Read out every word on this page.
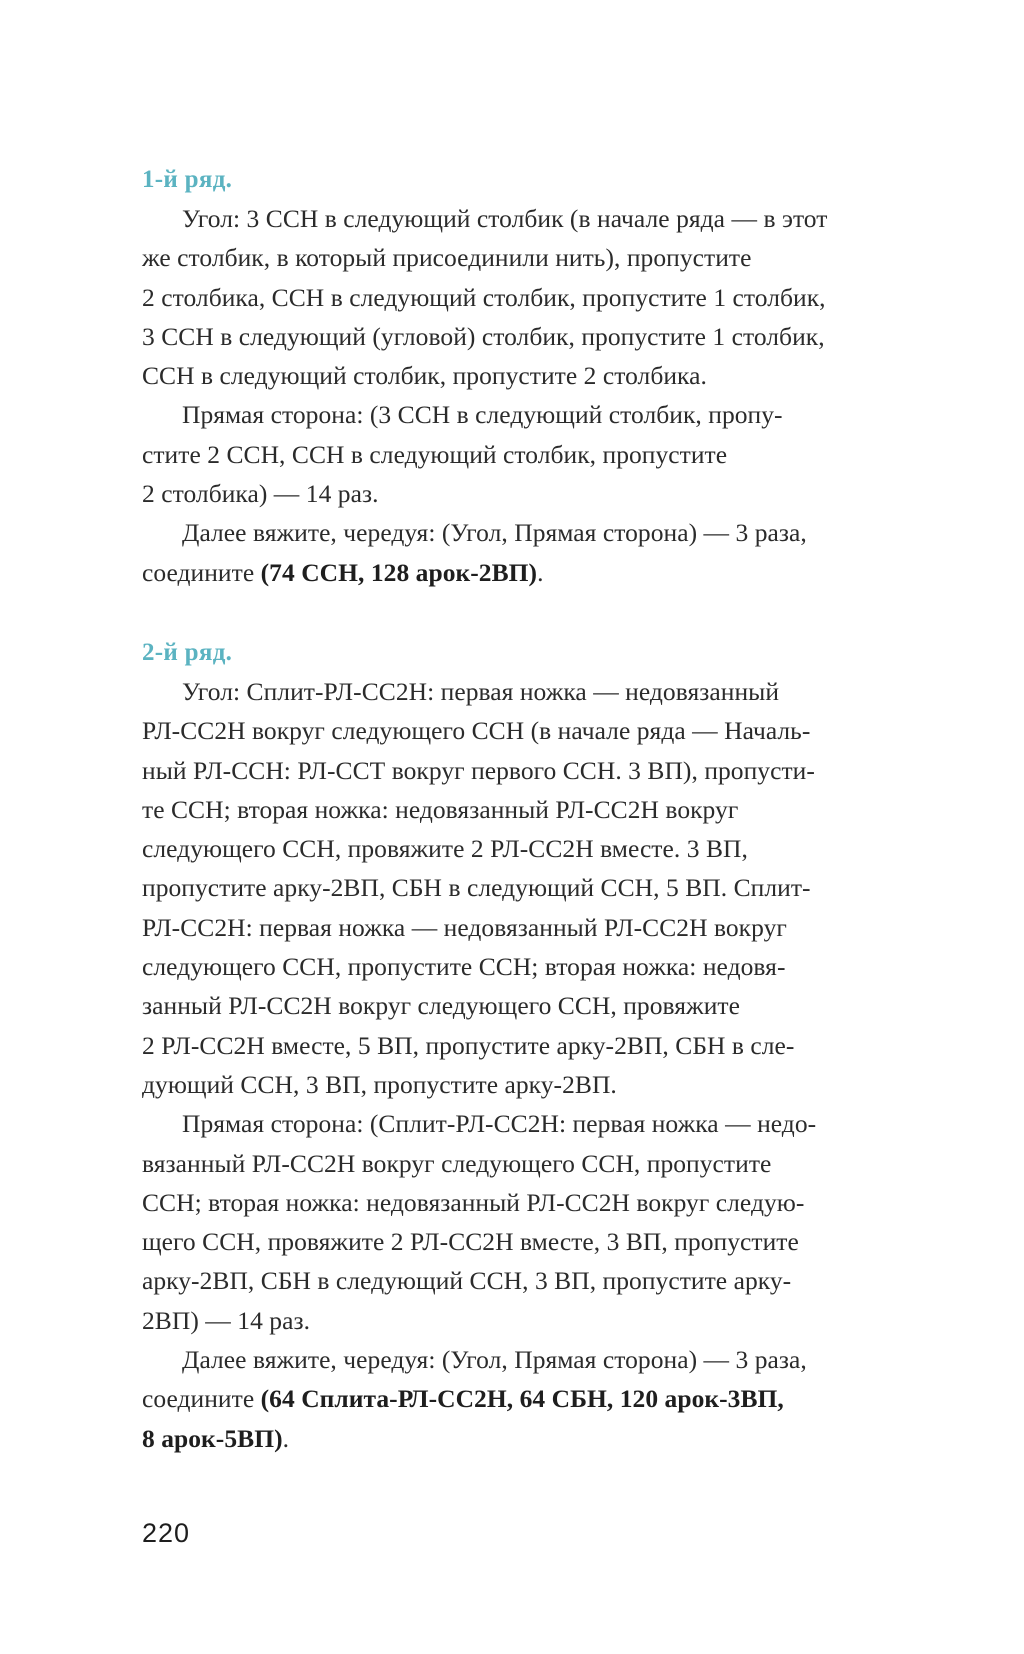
1-й ряд.

Угол: 3 ССН в следующий столбик (в начале ряда — в этот
же столбик, в который присоединили нить), пропустите
2 столбика, ССН в следующий столбик, пропустите 1 столбик,
3 ССН в следующий (угловой) столбик, пропустите 1 столбик,
ССН в следующий столбик, пропустите 2 столбика.

Прямая сторона: (3 ССН в следующий столбик, пропу-
стите 2 ССН, ССН в следующий столбик, пропустите
2 столбика) — 14 раз.

Далее вяжите, чередуя: (Угол, Прямая сторона) — 3 раза,
соедините (74 ССН, 128 арок-2ВП).

2-й ряд.

Угол: Сплит-РЛ-СС2Н: первая ножка — недовязанный
РЛ-СС2Н вокруг следующего ССН (в начале ряда — Началь-
ный РЛ-ССН: РЛ-ССТ вокруг первого ССН. 3 ВП), пропусти-
те ССН; вторая ножка: недовязанный РЛ-СС2Н вокруг
следующего ССН, провяжите 2 РЛ-СС2Н вместе. 3 ВП,
пропустите арку-2ВП, СБН в следующий ССН, 5 ВП. Сплит-
РЛ-СС2Н: первая ножка — недовязанный РЛ-СС2Н вокруг
следующего ССН, пропустите ССН; вторая ножка: недовя-
занный РЛ-СС2Н вокруг следующего ССН, провяжите
2 РЛ-СС2Н вместе, 5 ВП, пропустите арку-2ВП, СБН в сле-
дующий ССН, 3 ВП, пропустите арку-2ВП.

Прямая сторона: (Сплит-РЛ-СС2Н: первая ножка — недо-
вязанный РЛ-СС2Н вокруг следующего ССН, пропустите
ССН; вторая ножка: недовязанный РЛ-СС2Н вокруг следую-
щего ССН, провяжите 2 РЛ-СС2Н вместе, 3 ВП, пропустите
арку-2ВП, СБН в следующий ССН, 3 ВП, пропустите арку-
2ВП) — 14 раз.

Далее вяжите, чередуя: (Угол, Прямая сторона) — 3 раза,
соедините (64 Сплита-РЛ-СС2Н, 64 СБН, 120 арок-3ВП,
8 арок-5ВП).

220
